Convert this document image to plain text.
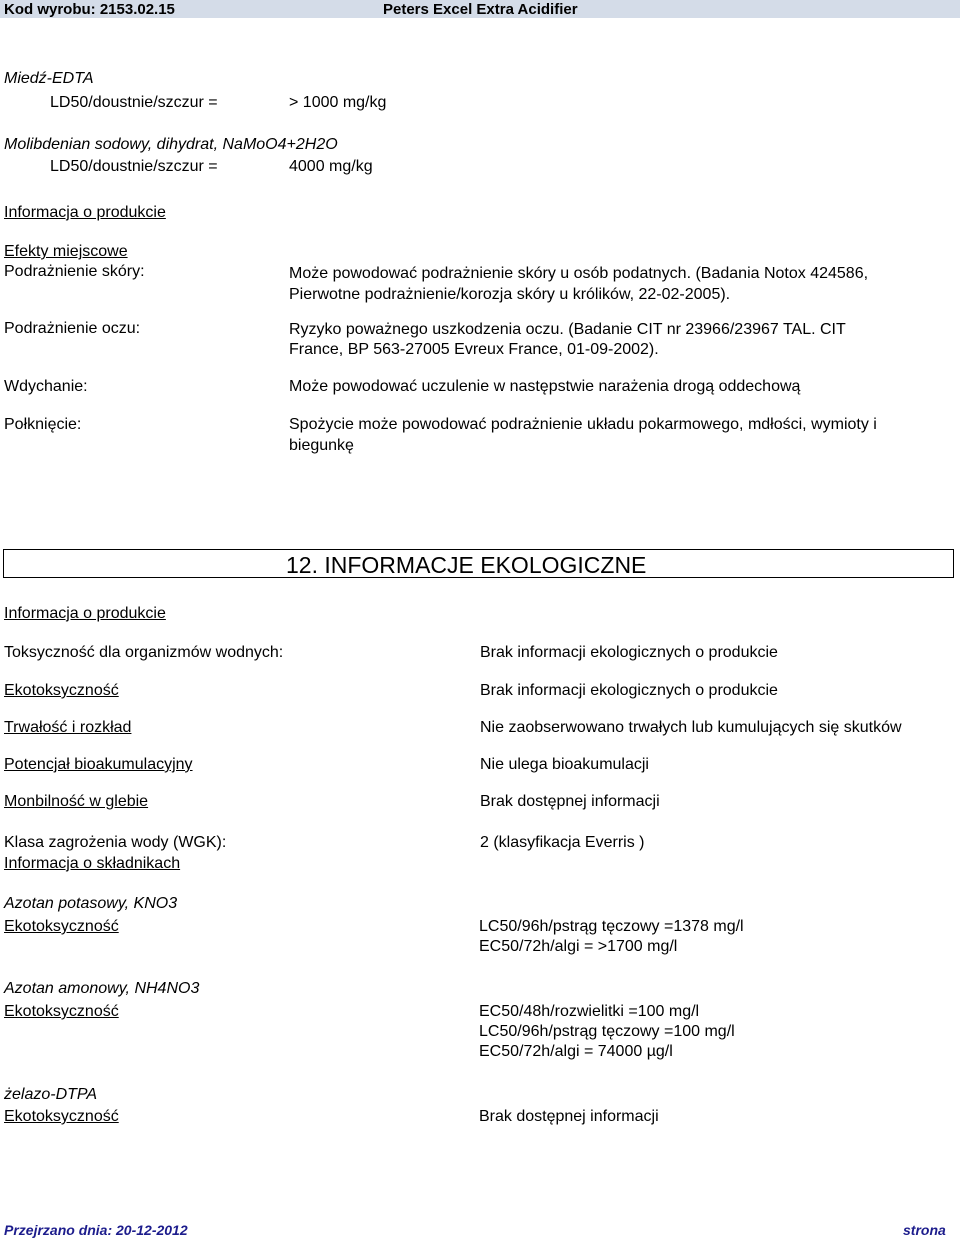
Kod wyrobu: 2153.02.15	Peters Excel Extra Acidifier
Miedź-EDTA
LD50/doustnie/szczur =	> 1000 mg/kg
Molibdenian sodowy, dihydrat, NaMoO4+2H2O
LD50/doustnie/szczur =	4000 mg/kg
Informacja o produkcie
Efekty miejscowe
Podrażnienie skóry:	Może powodować podrażnienie skóry u osób podatnych. (Badania Notox 424586,
Pierwotne podrażnienie/korozja skóry u królików, 22-02-2005).
Podrażnienie oczu:	Ryzyko poważnego uszkodzenia oczu. (Badanie CIT nr 23966/23967 TAL. CIT
France, BP 563-27005 Evreux France, 01-09-2002).
Wdychanie:	Może powodować uczulenie w następstwie narażenia drogą oddechową
Połknięcie:	Spożycie może powodować podrażnienie układu pokarmowego, mdłości, wymioty i
biegunkę
12. INFORMACJE EKOLOGICZNE
Informacja o produkcie
Toksyczność dla organizmów wodnych:	Brak informacji ekologicznych o produkcie
Ekotoksyczność	Brak informacji ekologicznych o produkcie
Trwałość i rozkład	Nie zaobserwowano trwałych lub kumulujących się skutków
Potencjał bioakumulacyjny	Nie ulega bioakumulacji
Monbilność w glebie	Brak dostępnej informacji
Klasa zagrożenia wody (WGK):	2 (klasyfikacja Everris )
Informacja o składnikach
Azotan potasowy, KNO3
Ekotoksyczność	LC50/96h/pstrąg tęczowy =1378 mg/l
EC50/72h/algi = >1700 mg/l
Azotan amonowy, NH4NO3
Ekotoksyczność	EC50/48h/rozwielitki =100 mg/l
LC50/96h/pstrąg tęczowy =100 mg/l
EC50/72h/algi = 74000 µg/l
żelazo-DTPA
Ekotoksyczność	Brak dostępnej informacji
Przejrzano dnia: 20-12-2012	strona
